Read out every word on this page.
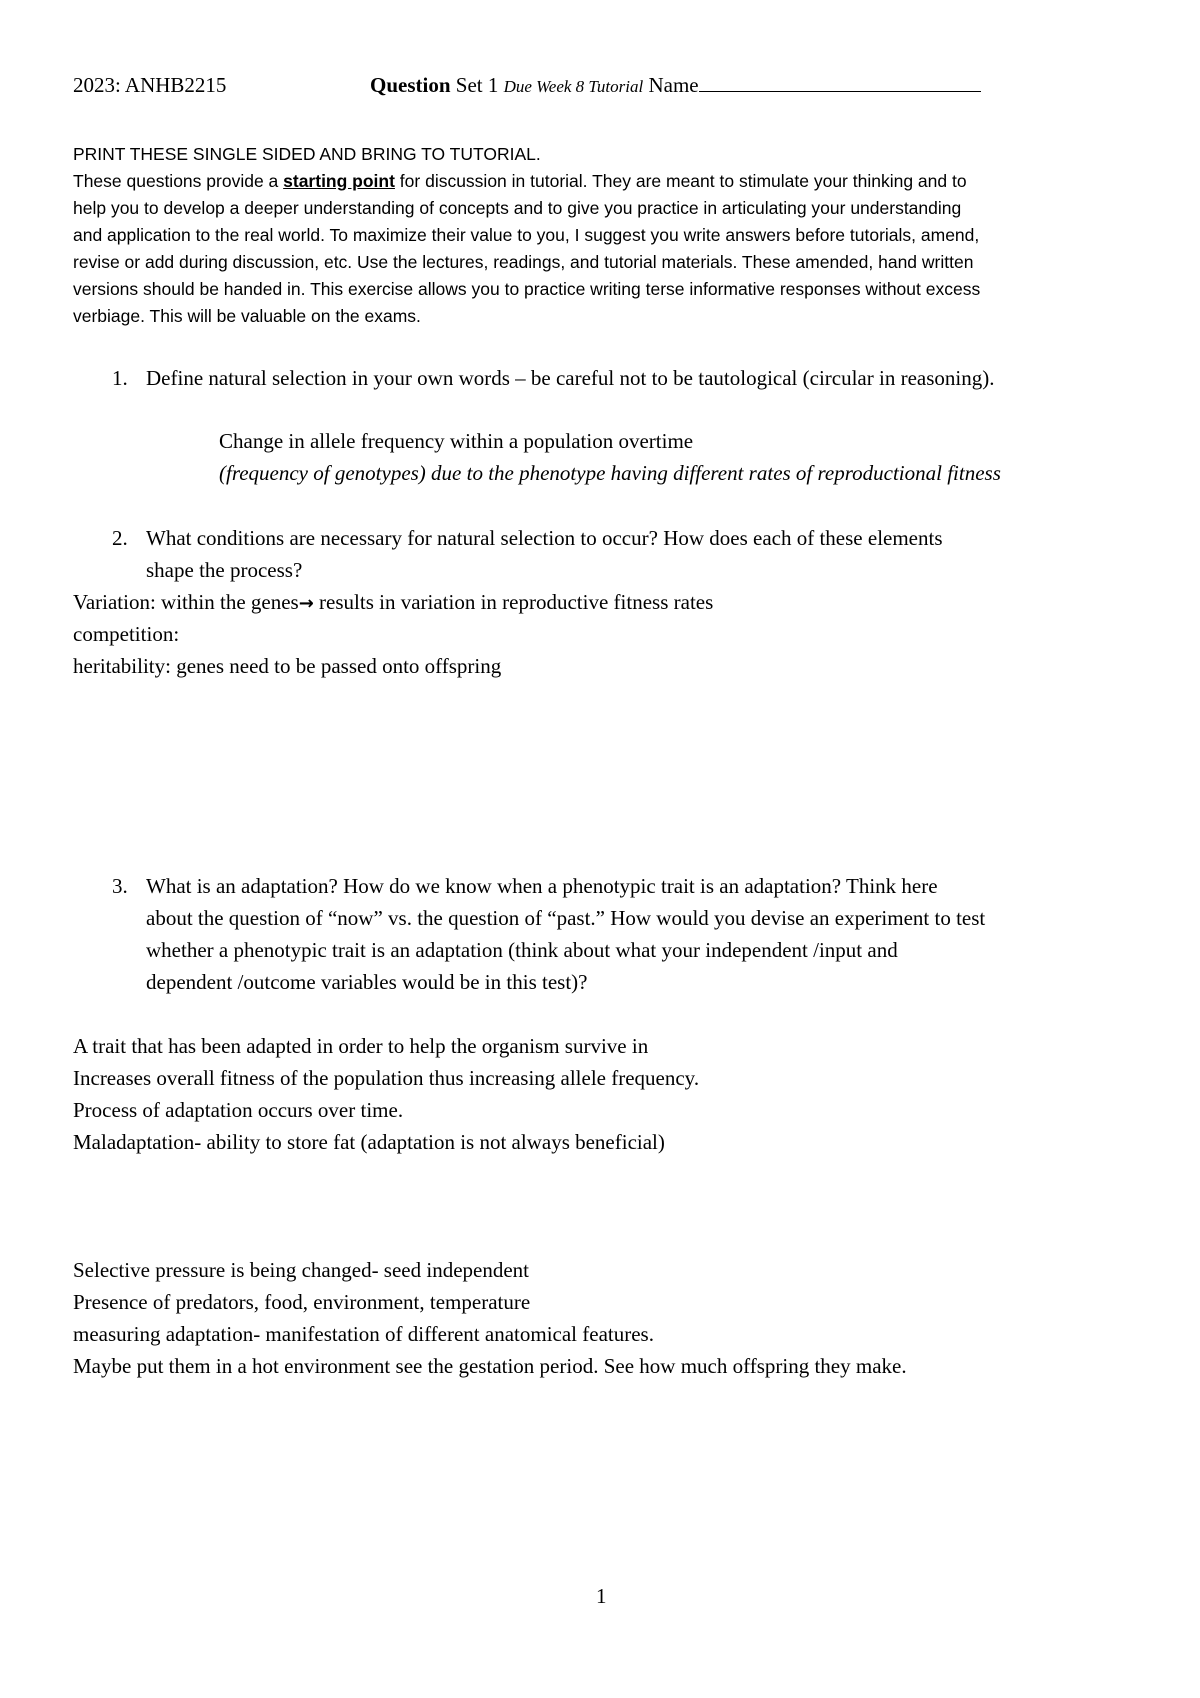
2023: ANHB2215	Question Set 1 Due Week 8 Tutorial Name
PRINT THESE SINGLE SIDED AND BRING TO TUTORIAL.
These questions provide a starting point for discussion in tutorial. They are meant to stimulate your thinking and to
help you to develop a deeper understanding of concepts and to give you practice in articulating your understanding
and application to the real world. To maximize their value to you, I suggest you write answers before tutorials, amend,
revise or add during discussion, etc. Use the lectures, readings, and tutorial materials. These amended, hand written
versions should be handed in. This exercise allows you to practice writing terse informative responses without excess
verbiage. This will be valuable on the exams.
1. Define natural selection in your own words – be careful not to be tautological (circular in reasoning).
Change in allele frequency within a population overtime
(frequency of genotypes) due to the phenotype having different rates of reproductional fitness
2. What conditions are necessary for natural selection to occur? How does each of these elements
shape the process?
Variation: within the genes→ results in variation in reproductive fitness rates
competition:
heritability: genes need to be passed onto offspring
3. What is an adaptation? How do we know when a phenotypic trait is an adaptation? Think here
about the question of “now” vs. the question of “past.” How would you devise an experiment to test
whether a phenotypic trait is an adaptation (think about what your independent /input and
dependent /outcome variables would be in this test)?
A trait that has been adapted in order to help the organism survive in
Increases overall fitness of the population thus increasing allele frequency.
Process of adaptation occurs over time.
Maladaptation- ability to store fat (adaptation is not always beneficial)
Selective pressure is being changed- seed independent
Presence of predators, food, environment, temperature
measuring adaptation- manifestation of different anatomical features.
Maybe put them in a hot environment see the gestation period. See how much offspring they make.
1
